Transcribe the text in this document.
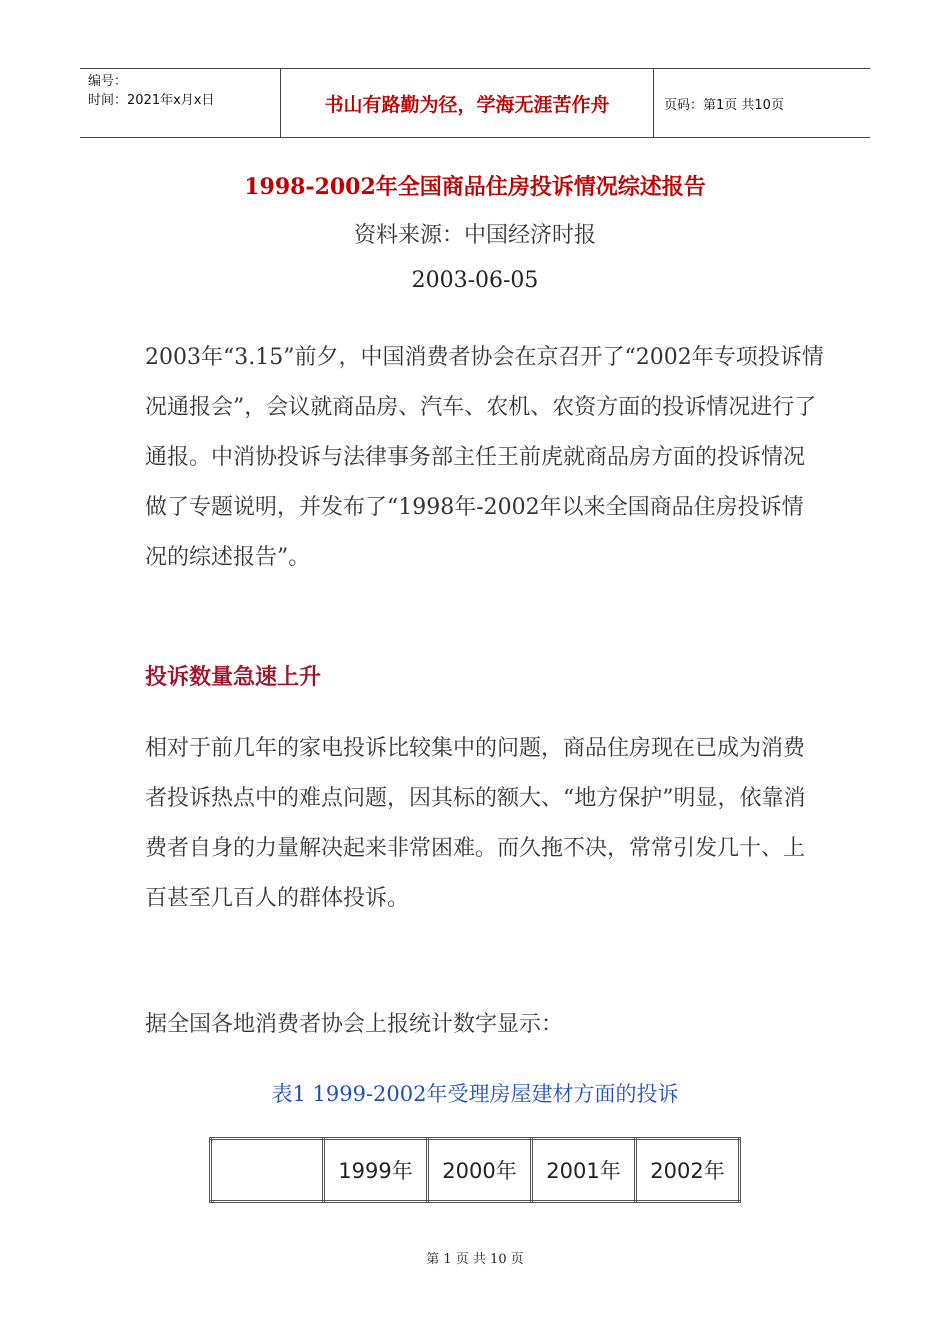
编号：
时间：2021年x月x日	书山有路勤为径，学海无涯苦作舟	页码：第1页 共10页
1998-2002年全国商品住房投诉情况综述报告
资料来源：中国经济时报
2003-06-05
2003年“3.15”前夕，中国消费者协会在京召开了“2002年专项投诉情况通报会”，会议就商品房、汽车、农机、农资方面的投诉情况进行了通报。中消协投诉与法律事务部主任王前虎就商品房方面的投诉情况做了专题说明，并发布了“1998年-2002年以来全国商品住房投诉情况的综述报告”。
投诉数量急速上升
相对于前几年的家电投诉比较集中的问题，商品住房现在已成为消费者投诉热点中的难点问题，因其标的额大、“地方保护”明显，依靠消费者自身的力量解决起来非常困难。而久拖不决，常常引发几十、上百甚至几百人的群体投诉。
据全国各地消费者协会上报统计数字显示：
表1 1999-2002年受理房屋建材方面的投诉
	1999年	2000年	2001年	2002年
第 1 页 共 10 页
